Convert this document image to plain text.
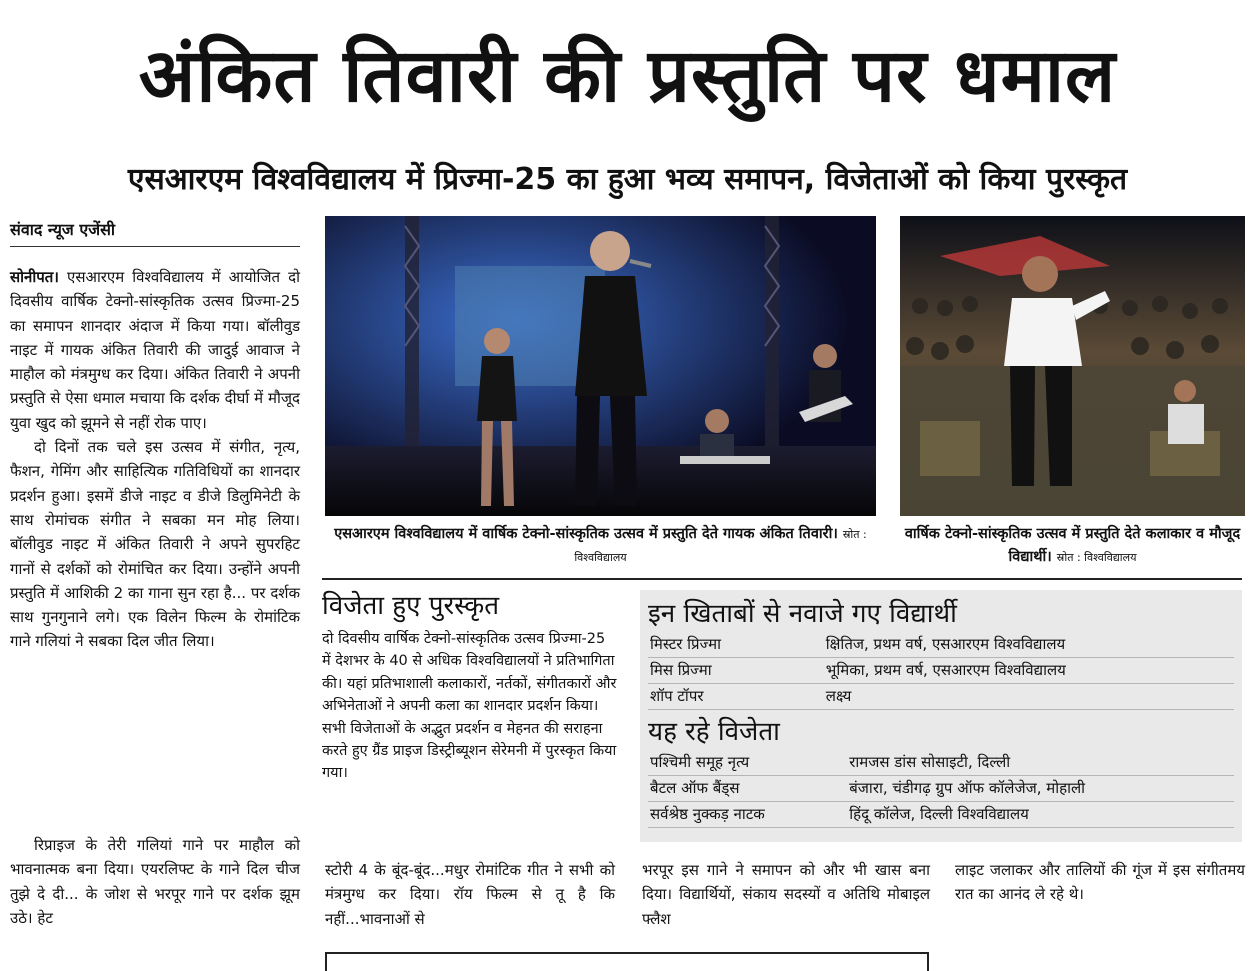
अंकित तिवारी की प्रस्तुति पर धमाल
एसआरएम विश्वविद्यालय में प्रिज्मा-25 का हुआ भव्य समापन, विजेताओं को किया पुरस्कृत
संवाद न्यूज एजेंसी

सोनीपत। एसआरएम विश्वविद्यालय में आयोजित दो दिवसीय वार्षिक टेक्नो-सांस्कृतिक उत्सव प्रिज्मा-25 का समापन शानदार अंदाज में किया गया। बॉलीवुड नाइट में गायक अंकित तिवारी की जादुई आवाज ने माहौल को मंत्रमुग्ध कर दिया। अंकित तिवारी ने अपनी प्रस्तुति से ऐसा धमाल मचाया कि दर्शक दीर्घा में मौजूद युवा खुद को झूमने से नहीं रोक पाए।

दो दिनों तक चले इस उत्सव में संगीत, नृत्य, फैशन, गेमिंग और साहित्यिक गतिविधियों का शानदार प्रदर्शन हुआ। इसमें डीजे नाइट व डीजे डिलुमिनेटी के साथ रोमांचक संगीत ने सबका मन मोह लिया। बॉलीवुड नाइट में अंकित तिवारी ने अपने सुपरहिट गानों से दर्शकों को रोमांचित कर दिया। उन्होंने अपनी प्रस्तुति में आशिकी 2 का गाना सुन रहा है... पर दर्शक साथ गुनगुनाने लगे। एक विलेन फिल्म के रोमांटिक गाने गलियां ने सबका दिल जीत लिया।

रिप्राइज के तेरी गलियां गाने पर माहौल को भावनात्मक बना दिया। एयरलिफ्ट के गाने दिल चीज तुझे दे दी... के जोश से भरपूर गाने पर दर्शक झूम उठे। हेट

एसआरएम विश्वविद्यालय में वार्षिक टेक्नो-सांस्कृतिक उत्सव में प्रस्तुति देते गायक अंकित तिवारी। स्रोत : विश्वविद्यालय
वार्षिक टेक्नो-सांस्कृतिक उत्सव में प्रस्तुति देते कलाकार व मौजूद विद्यार्थी। स्रोत : विश्वविद्यालय
विजेता हुए पुरस्कृत
दो दिवसीय वार्षिक टेक्नो-सांस्कृतिक उत्सव प्रिज्मा-25 में देशभर के 40 से अधिक विश्वविद्यालयों ने प्रतिभागिता की। यहां प्रतिभाशाली कलाकारों, नर्तकों, संगीतकारों और अभिनेताओं ने अपनी कला का शानदार प्रदर्शन किया। सभी विजेताओं के अद्भुत प्रदर्शन व मेहनत की सराहना करते हुए ग्रैंड प्राइज डिस्ट्रीब्यूशन सेरेमनी में पुरस्कृत किया गया।
इन खिताबों से नवाजे गए विद्यार्थी
मिस्टर प्रिज्मा	क्षितिज, प्रथम वर्ष, एसआरएम विश्वविद्यालय
मिस प्रिज्मा	भूमिका, प्रथम वर्ष, एसआरएम विश्वविद्यालय
शॉप टॉपर	लक्ष्य
यह रहे विजेता
पश्चिमी समूह नृत्य	रामजस डांस सोसाइटी, दिल्ली
बैटल ऑफ बैंड्स	बंजारा, चंडीगढ़ ग्रुप ऑफ कॉलेजेज, मोहाली
सर्वश्रेष्ठ नुक्कड़ नाटक	हिंदू कॉलेज, दिल्ली विश्वविद्यालय
स्टोरी 4 के बूंद-बूंद...मधुर रोमांटिक गीत ने सभी को मंत्रमुग्ध कर दिया। रॉय फिल्म से तू है कि नहीं...भावनाओं से
भरपूर इस गाने ने समापन को और भी खास बना दिया। विद्यार्थियों, संकाय सदस्यों व अतिथि मोबाइल फ्लैश
लाइट जलाकर और तालियों की गूंज में इस संगीतमय रात का आनंद ले रहे थे।
